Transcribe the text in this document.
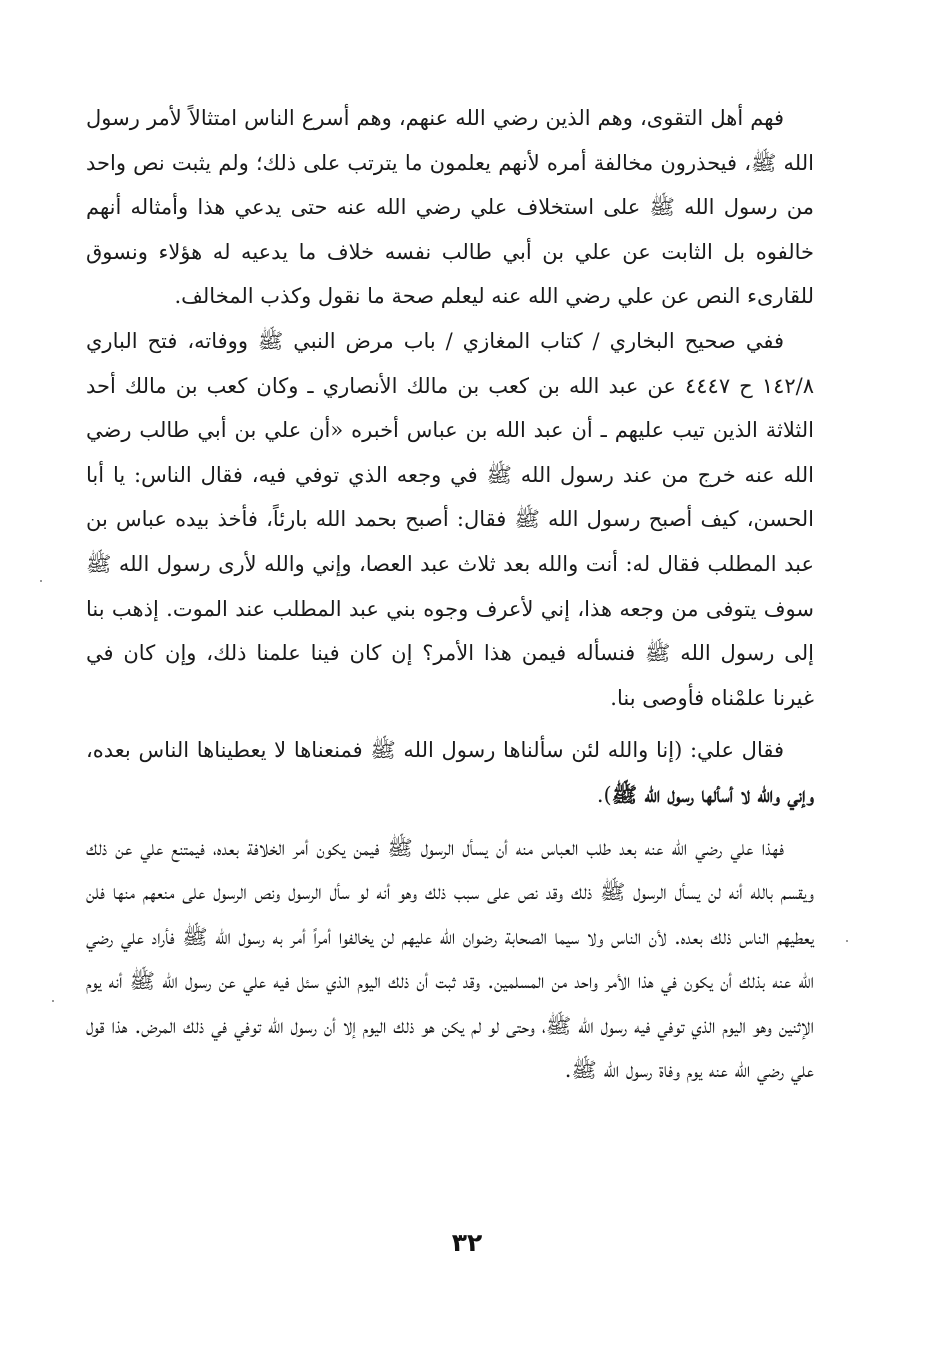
فهم أهل التقوى، وهم الذين رضي الله عنهم، وهم أسرع الناس امتثالاً لأمر رسول الله ﷺ، فيحذرون مخالفة أمره لأنهم يعلمون ما يترتب على ذلك؛ ولم يثبت نص واحد من رسول الله ﷺ على استخلاف علي رضي الله عنه حتى يدعي هذا وأمثاله أنهم خالفوه بل الثابت عن علي بن أبي طالب نفسه خلاف ما يدعيه له هؤلاء ونسوق للقارىء النص عن علي رضي الله عنه ليعلم صحة ما نقول وكذب المخالف.

ففي صحيح البخاري / كتاب المغازي / باب مرض النبي ﷺ ووفاته، فتح الباري ١٤٢/٨ ح ٤٤٤٧ عن عبد الله بن كعب بن مالك الأنصاري ـ وكان كعب بن مالك أحد الثلاثة الذين تيب عليهم ـ أن عبد الله بن عباس أخبره «أن علي بن أبي طالب رضي الله عنه خرج من عند رسول الله ﷺ في وجعه الذي توفي فيه، فقال الناس: يا أبا الحسن، كيف أصبح رسول الله ﷺ فقال: أصبح بحمد الله بارئاً، فأخذ بيده عباس بن عبد المطلب فقال له: أنت والله بعد ثلاث عبد العصا، وإني والله لأرى رسول الله ﷺ سوف يتوفى من وجعه هذا، إني لأعرف وجوه بني عبد المطلب عند الموت. إذهب بنا إلى رسول الله ﷺ فنسأله فيمن هذا الأمر؟ إن كان فينا علمنا ذلك، وإن كان في غيرنا علمْناه فأوصى بنا.

فقال علي: (إنا والله لئن سألناها رسول الله ﷺ فمنعناها لا يعطيناها الناس بعده، وإني والله لا أسألها رسول الله ﷺ).

فهذا علي رضي الله عنه بعد طلب العباس منه أن يسأل الرسول ﷺ فيمن يكون أمر الخلافة بعده، فيمتنع علي عن ذلك ويقسم بالله أنه لن يسأل الرسول ﷺ ذلك وقد نص على سبب ذلك وهو أنه لو سأل الرسول ونص الرسول على منعهم منها فلن يعطيهم الناس ذلك بعده. لأن الناس ولا سيما الصحابة رضوان الله عليهم لن يخالفوا أمراً أمر به رسول الله ﷺ فأراد علي رضي الله عنه بذلك أن يكون في هذا الأمر واحد من المسلمين. وقد ثبت أن ذلك اليوم الذي سئل فيه علي عن رسول الله ﷺ أنه يوم الإثنين وهو اليوم الذي توفي فيه رسول الله ﷺ، وحتى لو لم يكن هو ذلك اليوم إلا أن رسول الله توفي في ذلك المرض. هذا قول علي رضي الله عنه يوم وفاة رسول الله ﷺ.

٣٢
